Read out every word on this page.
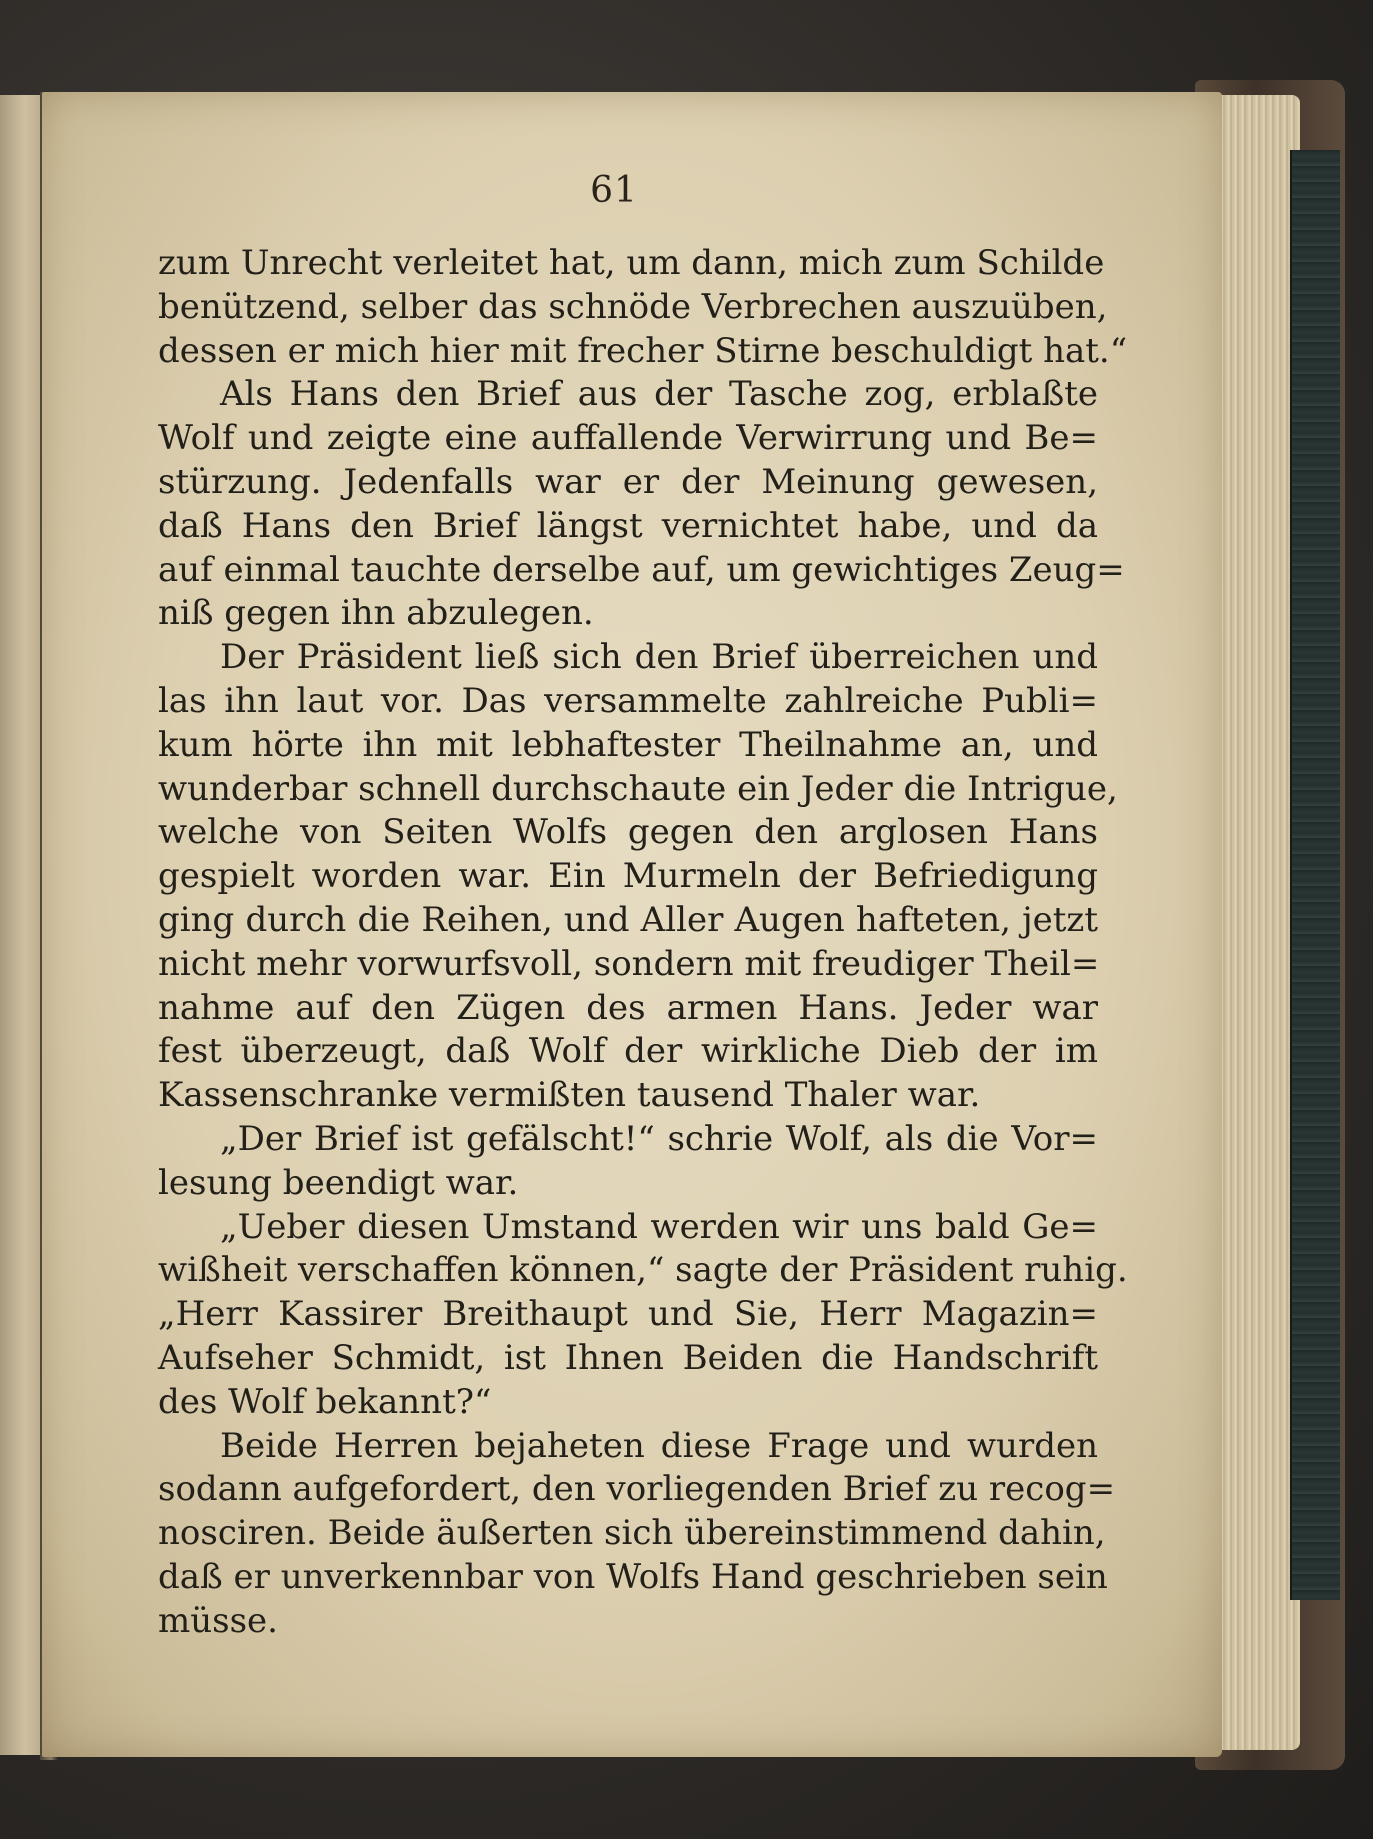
61
zum Unrecht verleitet hat, um dann, mich zum Schilde
benützend, selber das schnöde Verbrechen auszuüben,
dessen er mich hier mit frecher Stirne beschuldigt hat.“
Als Hans den Brief aus der Tasche zog, erblaßte
Wolf und zeigte eine auffallende Verwirrung und Be=
stürzung. Jedenfalls war er der Meinung gewesen,
daß Hans den Brief längst vernichtet habe, und da
auf einmal tauchte derselbe auf, um gewichtiges Zeug=
niß gegen ihn abzulegen.
Der Präsident ließ sich den Brief überreichen und
las ihn laut vor. Das versammelte zahlreiche Publi=
kum hörte ihn mit lebhaftester Theilnahme an, und
wunderbar schnell durchschaute ein Jeder die Intrigue,
welche von Seiten Wolfs gegen den arglosen Hans
gespielt worden war. Ein Murmeln der Befriedigung
ging durch die Reihen, und Aller Augen hafteten, jetzt
nicht mehr vorwurfsvoll, sondern mit freudiger Theil=
nahme auf den Zügen des armen Hans. Jeder war
fest überzeugt, daß Wolf der wirkliche Dieb der im
Kassenschranke vermißten tausend Thaler war.
„Der Brief ist gefälscht!“ schrie Wolf, als die Vor=
lesung beendigt war.
„Ueber diesen Umstand werden wir uns bald Ge=
wißheit verschaffen können,“ sagte der Präsident ruhig.
„Herr Kassirer Breithaupt und Sie, Herr Magazin=
Aufseher Schmidt, ist Ihnen Beiden die Handschrift
des Wolf bekannt?“
Beide Herren bejaheten diese Frage und wurden
sodann aufgefordert, den vorliegenden Brief zu recog=
nosciren. Beide äußerten sich übereinstimmend dahin,
daß er unverkennbar von Wolfs Hand geschrieben sein
müsse.
